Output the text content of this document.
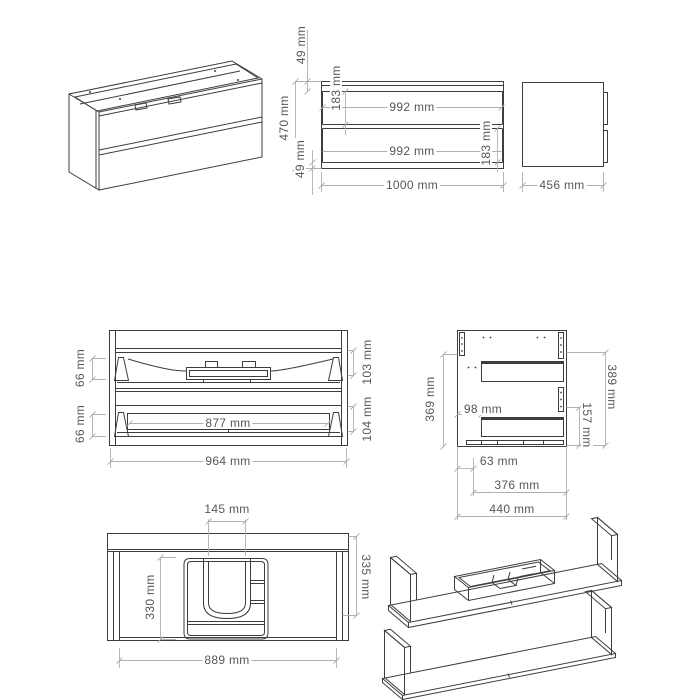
49 mm
470 mm
183 mm	992 mm
992 mm	183 mm
49 mm
1000 mm	456 mm
66 mm
66 mm
103 mm
104 mm
877 mm
964 mm
369 mm 98 mm
63 mm
376 mm
440 mm
389 mm
157 mm
145 mm
330 mm	335 mm
889 mm
